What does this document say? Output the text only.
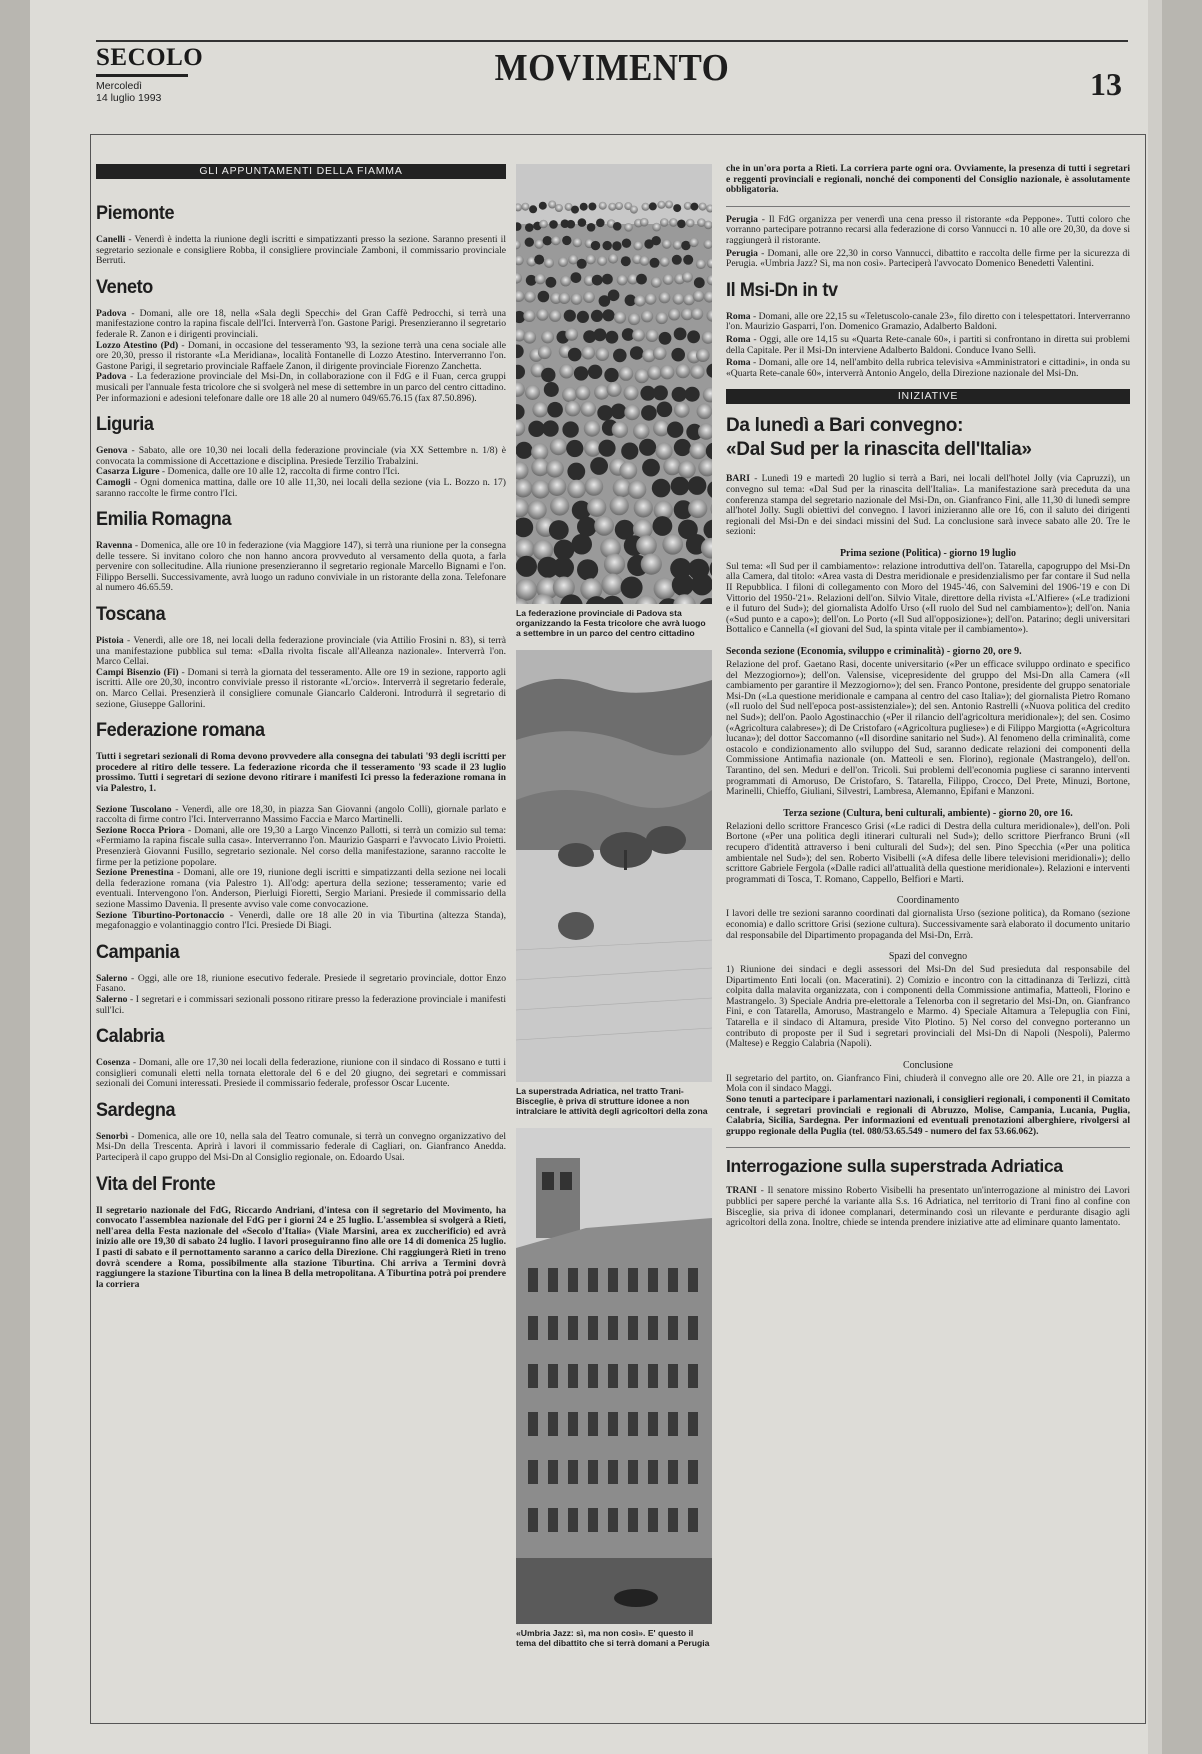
SECOLO
Mercoledì
14 luglio 1993
MOVIMENTO	13
GLI APPUNTAMENTI DELLA FIAMMA
Piemonte

Canelli - Venerdì è indetta la riunione degli iscritti e simpatizzanti presso la sezione. Saranno presenti il segretario sezionale e consigliere Robba, il consigliere provinciale Zamboni, il commissario provinciale Berruti.

Veneto

Padova - Domani, alle ore 18, nella «Sala degli Specchi» del Gran Caffè Pedrocchi, si terrà una manifestazione contro la rapina fiscale dell'Ici. Interverrà l'on. Gastone Parigi. Presenzieranno il segretario federale R. Zanon e i dirigenti provinciali.

Lozzo Atestino (Pd) - Domani, in occasione del tesseramento '93, la sezione terrà una cena sociale alle ore 20,30, presso il ristorante «La Meridiana», località Fontanelle di Lozzo Atestino. Interverranno l'on. Gastone Parigi, il segretario provinciale Raffaele Zanon, il dirigente provinciale Fiorenzo Zanchetta.

Padova - La federazione provinciale del Msi-Dn, in collaborazione con il FdG e il Fuan, cerca gruppi musicali per l'annuale festa tricolore che si svolgerà nel mese di settembre in un parco del centro cittadino. Per informazioni e adesioni telefonare dalle ore 18 alle 20 al numero 049/65.76.15 (fax 87.50.896).

Liguria

Genova - Sabato, alle ore 10,30 nei locali della federazione provinciale (via XX Settembre n. 1/8) è convocata la commissione di Accettazione e disciplina. Presiede Terzilio Trabalzini.

Casarza Ligure - Domenica, dalle ore 10 alle 12, raccolta di firme contro l'Ici.

Camogli - Ogni domenica mattina, dalle ore 10 alle 11,30, nei locali della sezione (via L. Bozzo n. 17) saranno raccolte le firme contro l'Ici.

Emilia Romagna

Ravenna - Domenica, alle ore 10 in federazione (via Maggiore 147), si terrà una riunione per la consegna delle tessere. Si invitano coloro che non hanno ancora provveduto al versamento della quota, a farla pervenire con sollecitudine. Alla riunione presenzieranno il segretario regionale Marcello Bignami e l'on. Filippo Berselli. Successivamente, avrà luogo un raduno conviviale in un ristorante della zona. Telefonare al numero 46.65.59.

Toscana

Pistoia - Venerdì, alle ore 18, nei locali della federazione provinciale (via Attilio Frosini n. 83), si terrà una manifestazione pubblica sul tema: «Dalla rivolta fiscale all'Alleanza nazionale». Interverrà l'on. Marco Cellai.

Campi Bisenzio (Fi) - Domani si terrà la giornata del tesseramento. Alle ore 19 in sezione, rapporto agli iscritti. Alle ore 20,30, incontro conviviale presso il ristorante «L'orcio». Interverrà il segretario federale, on. Marco Cellai. Presenzierà il consigliere comunale Giancarlo Calderoni. Introdurrà il segretario di sezione, Giuseppe Gallorini.

Federazione romana

Tutti i segretari sezionali di Roma devono provvedere alla consegna dei tabulati '93 degli iscritti per procedere al ritiro delle tessere. La federazione ricorda che il tesseramento '93 scade il 23 luglio prossimo. Tutti i segretari di sezione devono ritirare i manifesti Ici presso la federazione romana in via Palestro, 1.

Sezione Tuscolano - Venerdì, alle ore 18,30, in piazza San Giovanni (angolo Colli), giornale parlato e raccolta di firme contro l'Ici. Interverranno Massimo Faccia e Marco Martinelli.

Sezione Rocca Priora - Domani, alle ore 19,30 a Largo Vincenzo Pallotti, si terrà un comizio sul tema: «Fermiamo la rapina fiscale sulla casa». Interverranno l'on. Maurizio Gasparri e l'avvocato Livio Proietti. Presenzierà Giovanni Fusillo, segretario sezionale. Nel corso della manifestazione, saranno raccolte le firme per la petizione popolare.

Sezione Prenestina - Domani, alle ore 19, riunione degli iscritti e simpatizzanti della sezione nei locali della federazione romana (via Palestro 1). All'odg: apertura della sezione; tesseramento; varie ed eventuali. Intervengono l'on. Anderson, Pierluigi Fioretti, Sergio Mariani. Presiede il commissario della sezione Massimo Davenia. Il presente avviso vale come convocazione.

Sezione Tiburtino-Portonaccio - Venerdì, dalle ore 18 alle 20 in via Tiburtina (altezza Standa), megafonaggio e volantinaggio contro l'Ici. Presiede Di Biagi.

Campania

Salerno - Oggi, alle ore 18, riunione esecutivo federale. Presiede il segretario provinciale, dottor Enzo Fasano.

Salerno - I segretari e i commissari sezionali possono ritirare presso la federazione provinciale i manifesti sull'Ici.

Calabria

Cosenza - Domani, alle ore 17,30 nei locali della federazione, riunione con il sindaco di Rossano e tutti i consiglieri comunali eletti nella tornata elettorale del 6 e del 20 giugno, dei segretari e commissari sezionali dei Comuni interessati. Presiede il commissario federale, professor Oscar Lucente.

Sardegna

Senorbì - Domenica, alle ore 10, nella sala del Teatro comunale, si terrà un convegno organizzativo del Msi-Dn della Trescenta. Aprirà i lavori il commissario federale di Cagliari, on. Gianfranco Anedda. Parteciperà il capo gruppo del Msi-Dn al Consiglio regionale, on. Edoardo Usai.

Vita del Fronte

Il segretario nazionale del FdG, Riccardo Andriani, d'intesa con il segretario del Movimento, ha convocato l'assemblea nazionale del FdG per i giorni 24 e 25 luglio. L'assemblea si svolgerà a Rieti, nell'area della Festa nazionale del «Secolo d'Italia» (Viale Marsini, area ex zuccherificio) ed avrà inizio alle ore 19,30 di sabato 24 luglio. I lavori proseguiranno fino alle ore 14 di domenica 25 luglio. I pasti di sabato e il pernottamento saranno a carico della Direzione. Chi raggiungerà Rieti in treno dovrà scendere a Roma, possibilmente alla stazione Tiburtina. Chi arriva a Termini dovrà raggiungere la stazione Tiburtina con la linea B della metropolitana. A Tiburtina potrà poi prendere la corriera

La federazione provinciale di Padova sta organizzando la Festa tricolore che avrà luogo a settembre in un parco del centro cittadino
La superstrada Adriatica, nel tratto Trani-Bisceglie, è priva di strutture idonee a non intralciare le attività degli agricoltori della zona
«Umbria Jazz: sì, ma non così». E' questo il tema del dibattito che si terrà domani a Perugia

che in un'ora porta a Rieti. La corriera parte ogni ora. Ovviamente, la presenza di tutti i segretari e reggenti provinciali e regionali, nonché dei componenti del Consiglio nazionale, è assolutamente obbligatoria.

Perugia - Il FdG organizza per venerdì una cena presso il ristorante «da Peppone». Tutti coloro che vorranno partecipare potranno recarsi alla federazione di corso Vannucci n. 10 alle ore 20,30, da dove si raggiungerà il ristorante.

Perugia - Domani, alle ore 22,30 in corso Vannucci, dibattito e raccolta delle firme per la sicurezza di Perugia. «Umbria Jazz? Sì, ma non così». Parteciperà l'avvocato Domenico Benedetti Valentini.

Il Msi-Dn in tv

Roma - Domani, alle ore 22,15 su «Teletuscolo-canale 23», filo diretto con i telespettatori. Interverranno l'on. Maurizio Gasparri, l'on. Domenico Gramazio, Adalberto Baldoni.

Roma - Oggi, alle ore 14,15 su «Quarta Rete-canale 60», i partiti si confrontano in diretta sui problemi della Capitale. Per il Msi-Dn interviene Adalberto Baldoni. Conduce Ivano Sellì.

Roma - Domani, alle ore 14, nell'ambito della rubrica televisiva «Amministratori e cittadini», in onda su «Quarta Rete-canale 60», interverrà Antonio Angelo, della Direzione nazionale del Msi-Dn.

INIZIATIVE
Da lunedì a Bari convegno:
«Dal Sud per la rinascita dell'Italia»

BARI - Lunedì 19 e martedì 20 luglio si terrà a Bari, nei locali dell'hotel Jolly (via Capruzzi), un convegno sul tema: «Dal Sud per la rinascita dell'Italia». La manifestazione sarà preceduta da una conferenza stampa del segretario nazionale del Msi-Dn, on. Gianfranco Fini, alle 11,30 di lunedì sempre all'hotel Jolly. Sugli obiettivi del convegno. I lavori inizieranno alle ore 16, con il saluto dei dirigenti regionali del Msi-Dn e dei sindaci missini del Sud. La conclusione sarà invece sabato alle 20. Tre le sezioni:

Prima sezione (Politica) - giorno 19 luglio

Sul tema: «Il Sud per il cambiamento»: relazione introduttiva dell'on. Tatarella, capogruppo del Msi-Dn alla Camera, dal titolo: «Area vasta di Destra meridionale e presidenzialismo per far contare il Sud nella II Repubblica. I filoni di collegamento con Moro del 1945-'46, con Salvemini del 1906-'19 e con Di Vittorio del 1950-'21». Relazioni dell'on. Silvio Vitale, direttore della rivista «L'Alfiere» («Le tradizioni e il futuro del Sud»); del giornalista Adolfo Urso («Il ruolo del Sud nel cambiamento»); dell'on. Nania («Sud punto e a capo»); dell'on. Lo Porto («Il Sud all'opposizione»); dell'on. Patarino; degli universitari Bottalico e Cannella («I giovani del Sud, la spinta vitale per il cambiamento»).

Seconda sezione (Economia, sviluppo e criminalità) - giorno 20, ore 9.

Relazione del prof. Gaetano Rasi, docente universitario («Per un efficace sviluppo ordinato e specifico del Mezzogiorno»); dell'on. Valensise, vicepresidente del gruppo del Msi-Dn alla Camera («Il cambiamento per garantire il Mezzogiorno»); del sen. Franco Pontone, presidente del gruppo senatoriale Msi-Dn («La questione meridionale e campana al centro del caso Italia»); del giornalista Pietro Romano («Il ruolo del Sud nell'epoca post-assistenziale»); del sen. Antonio Rastrelli («Nuova politica del credito nel Sud»); dell'on. Paolo Agostinacchio («Per il rilancio dell'agricoltura meridionale»); del sen. Cosimo («Agricoltura calabrese»); di De Cristofaro («Agricoltura pugliese») e di Filippo Margiotta («Agricoltura lucana»); del dottor Saccomanno («Il disordine sanitario nel Sud»). Al fenomeno della criminalità, come ostacolo e condizionamento allo sviluppo del Sud, saranno dedicate relazioni dei componenti della Commissione Antimafia nazionale (on. Matteoli e sen. Florino), regionale (Mastrangelo), dell'on. Tarantino, del sen. Meduri e dell'on. Tricoli. Sui problemi dell'economia pugliese ci saranno interventi programmati di Amoruso, De Cristofaro, S. Tatarella, Filippo, Crocco, Del Prete, Minuzi, Bortone, Marinelli, Chieffo, Giuliani, Silvestri, Lambresa, Alemanno, Epifani e Manzoni.

Terza sezione (Cultura, beni culturali, ambiente) - giorno 20, ore 16.

Relazioni dello scrittore Francesco Grisi («Le radici di Destra della cultura meridionale»), dell'on. Poli Bortone («Per una politica degli itinerari culturali nel Sud»); dello scrittore Pierfranco Bruni («Il recupero d'identità attraverso i beni culturali del Sud»); del sen. Pino Specchia («Per una politica ambientale nel Sud»); del sen. Roberto Visibelli («A difesa delle libere televisioni meridionali»); dello scrittore Gabriele Fergola («Dalle radici all'attualità della questione meridionale»). Relazioni e interventi programmati di Tosca, T. Romano, Cappello, Belfiori e Marti.

Coordinamento

I lavori delle tre sezioni saranno coordinati dal giornalista Urso (sezione politica), da Romano (sezione economia) e dallo scrittore Grisi (sezione cultura). Successivamente sarà elaborato il documento unitario dal responsabile del Dipartimento propaganda del Msi-Dn, Errà.

Spazi del convegno

1) Riunione dei sindaci e degli assessori del Msi-Dn del Sud presieduta dal responsabile del Dipartimento Enti locali (on. Maceratini). 2) Comizio e incontro con la cittadinanza di Terlizzi, città colpita dalla malavita organizzata, con i componenti della Commissione antimafia, Matteoli, Florino e Mastrangelo. 3) Speciale Andria pre-elettorale a Telenorba con il segretario del Msi-Dn, on. Gianfranco Fini, e con Tatarella, Amoruso, Mastrangelo e Marmo. 4) Speciale Altamura a Telepuglia con Fini, Tatarella e il sindaco di Altamura, preside Vito Plotino. 5) Nel corso del convegno porteranno un contributo di proposte per il Sud i segretari provinciali del Msi-Dn di Napoli (Nespoli), Palermo (Maltese) e Reggio Calabria (Napoli).

Conclusione

Il segretario del partito, on. Gianfranco Fini, chiuderà il convegno alle ore 20. Alle ore 21, in piazza a Mola con il sindaco Maggi.

Sono tenuti a partecipare i parlamentari nazionali, i consiglieri regionali, i componenti il Comitato centrale, i segretari provinciali e regionali di Abruzzo, Molise, Campania, Lucania, Puglia, Calabria, Sicilia, Sardegna. Per informazioni ed eventuali prenotazioni alberghiere, rivolgersi al gruppo regionale della Puglia (tel. 080/53.65.549 - numero del fax 53.66.062).

Interrogazione sulla superstrada Adriatica

TRANI - Il senatore missino Roberto Visibelli ha presentato un'interrogazione al ministro dei Lavori pubblici per sapere perché la variante alla S.s. 16 Adriatica, nel territorio di Trani fino al confine con Bisceglie, sia priva di idonee complanari, determinando così un rilevante e perdurante disagio agli agricoltori della zona. Inoltre, chiede se intenda prendere iniziative atte ad eliminare quanto lamentato.
